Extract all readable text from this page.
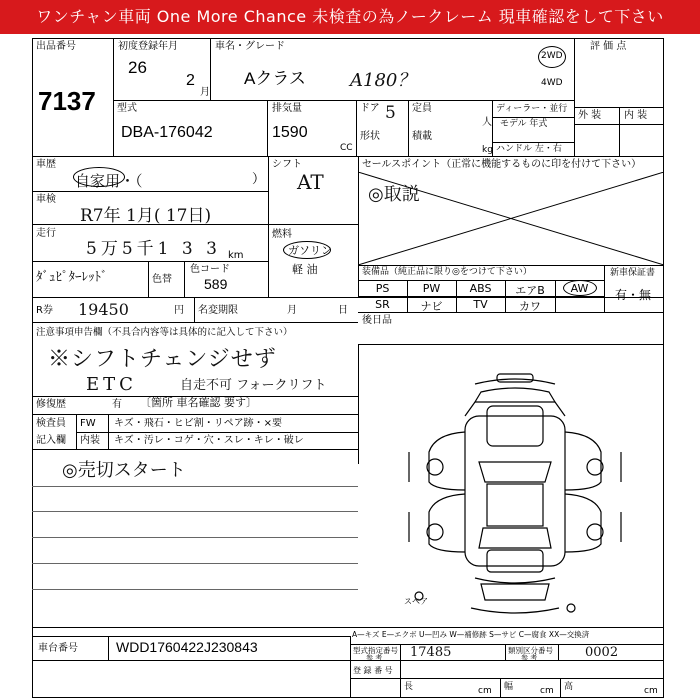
ワンチャン車両 One More Chance 未検査の為ノークレーム 現車確認をして下さい
出品番号
7137
初度登録年月
26
2
月
車名・グレード
Aクラス A180？
2WD
4WD
評 価 点
外 装 内 装
型式
DBA-176042
排気量
1590
CC
ドア 5
形状
定員
人
積載
kg
ディーラー・並行
モデル 年式
ハンドル 左・右
車歴
自家用・（	）
車検
R7年 1月( 17日)
走行
5万5千1 3 3 km
ﾀﾞｭﾋﾟﾀｰﾚｯﾄﾞ	色替
色コード
589
シフト
AT
燃料
ガソリン
軽 油
セールスポイント（正常に機能するものに印を付けて下さい）
◎取説
装備品（純正品に限り◎をつけて下さい）	新車保証書
有・無
PS	PW	ABS	エアB	AW
SR	ナビ	TV	カワ
後日品
R券 19450	円 名変期限	月	日
注意事項申告欄（不具合内容等は具体的に記入して下さい）
※シフトチェンジせず
ETC	自走不可 フォークリフト
修復歴	有 〔箇所 車名確認 要す〕
検査員
記入欄
FW キズ・飛石・ヒビ割・リペア跡・×要
内装 キズ・汚レ・コゲ・穴・スレ・キレ・破レ
◎売切スタート
スペア
A—キズ E—エクボ U—凹み W—補修跡 S—サビ C—腐食 XX—交換済
車台番号	WDD1760422J230843	型式指定番号
参 考 17485	類別区分番号
参 考	0002
登 録 番 号
長	cm 幅	cm 高	cm
